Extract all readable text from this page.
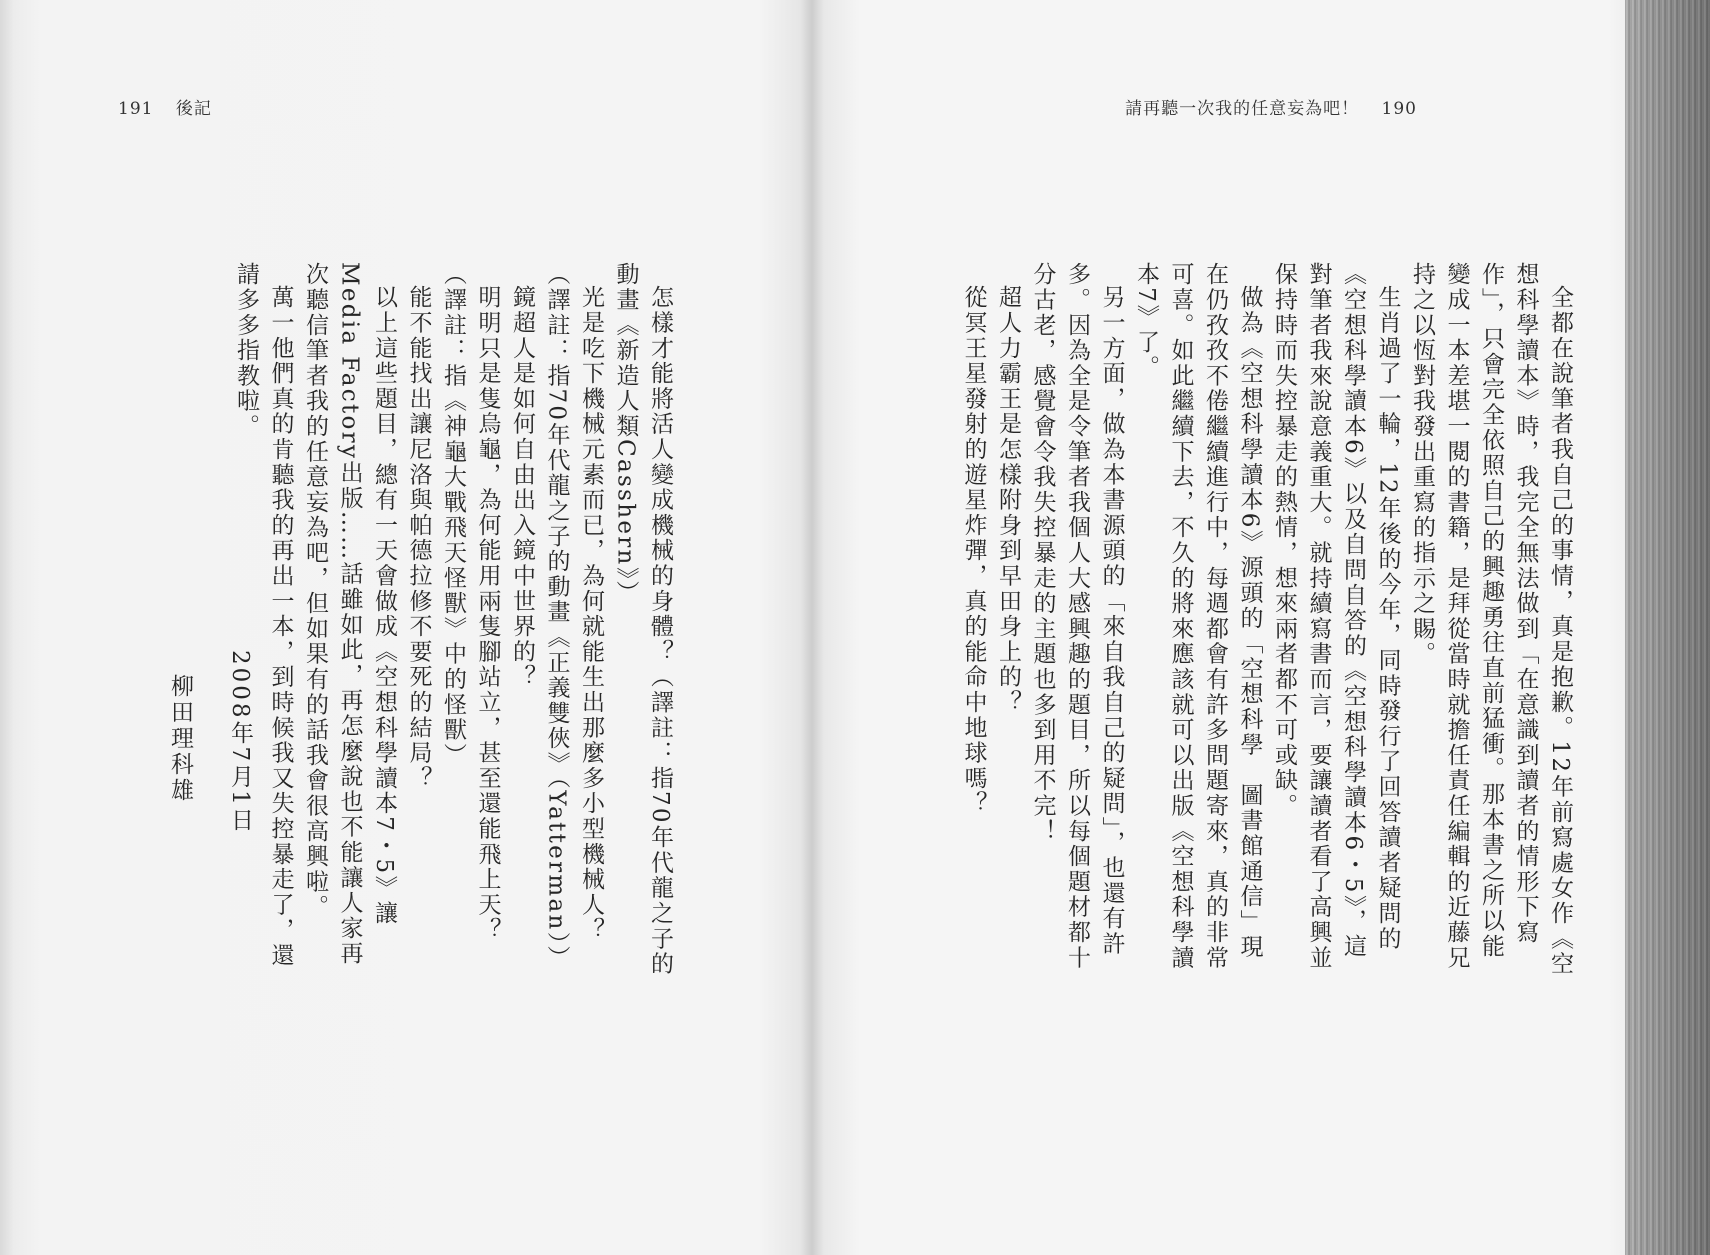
191 後記

怎樣才能將活人變成機械的身體？（譯註：指70年代龍之子的動畫《新造人類Casshern》）

光是吃下機械元素而已，為何就能生出那麼多小型機械人？（譯註：指70年代龍之子的動畫《正義雙俠》（Yatterman））

鏡超人是如何自由出入鏡中世界的？

明明只是隻烏龜，為何能用兩隻腳站立，甚至還能飛上天？（譯註：指《神龜大戰飛天怪獸》中的怪獸）

能不能找出讓尼洛與帕德拉修不要死的結局？

以上這些題目，總有一天會做成《空想科學讀本7・5》讓Media Factory出版……話雖如此，再怎麼說也不能讓人家再次聽信筆者我的任意妄為吧，但如果有的話我會很高興啦。

萬一他們真的肯聽我的再出一本，到時候我又失控暴走了，還請多多指教啦。

2008年7月1日
柳田理科雄
請再聽一次我的任意妄為吧！ 190

全都在說筆者我自己的事情，真是抱歉。12年前寫處女作《空想科學讀本》時，我完全無法做到「在意識到讀者的情形下寫作」，只會完全依照自己的興趣勇往直前猛衝。那本書之所以能變成一本差堪一閱的書籍，是拜從當時就擔任責任編輯的近藤兄持之以恆對我發出重寫的指示之賜。

生肖過了一輪，12年後的今年，同時發行了回答讀者疑問的《空想科學讀本6》以及自問自答的《空想科學讀本6・5》，這對筆者我來說意義重大。就持續寫書而言，要讓讀者看了高興並保持時而失控暴走的熱情，想來兩者都不可或缺。

做為《空想科學讀本6》源頭的「空想科學　圖書館通信」現在仍孜孜不倦繼續進行中，每週都會有許多問題寄來，真的非常可喜。如此繼續下去，不久的將來應該就可以出版《空想科學讀本7》了。

另一方面，做為本書源頭的「來自我自己的疑問」，也還有許多。因為全是令筆者我個人大感興趣的題目，所以每個題材都十分古老，感覺會令我失控暴走的主題也多到用不完！

超人力霸王是怎樣附身到早田身上的？

從冥王星發射的遊星炸彈，真的能命中地球嗎？
